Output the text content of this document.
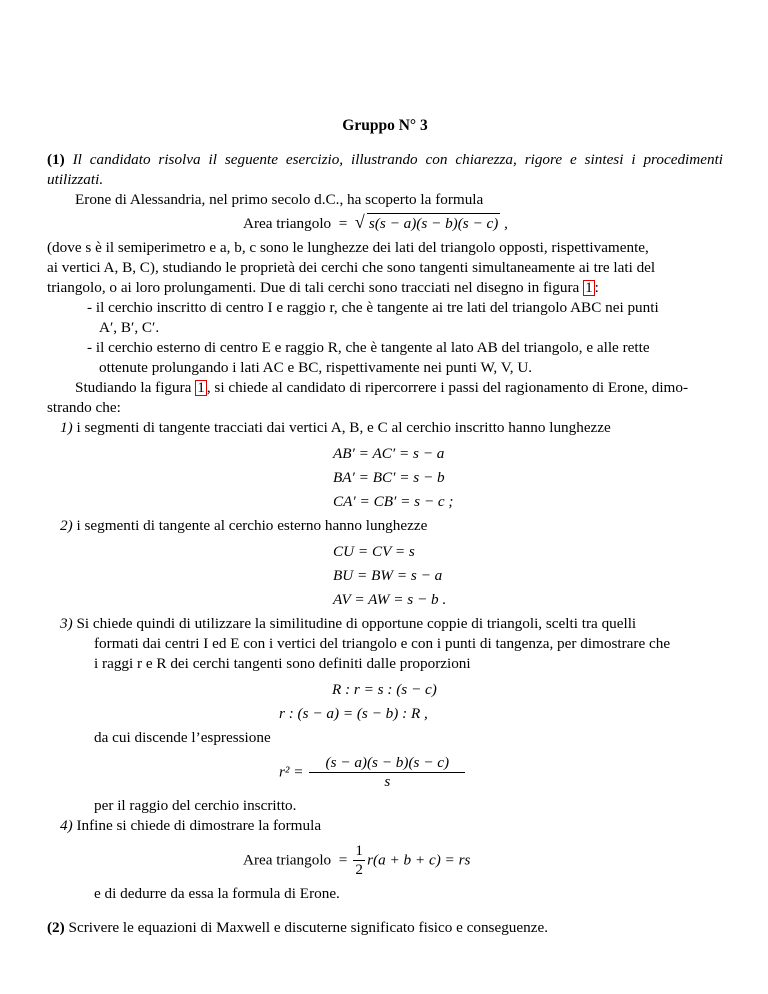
Gruppo N° 3
(1) Il candidato risolva il seguente esercizio, illustrando con chiarezza, rigore e sintesi i procedimenti utilizzati.
Erone di Alessandria, nel primo secolo d.C., ha scoperto la formula
Area triangolo  = √ s(s − a)(s − b)(s − c) ,
(dove s è il semiperimetro e a, b, c sono le lunghezze dei lati del triangolo opposti, rispettivamente,
ai vertici A, B, C), studiando le proprietà dei cerchi che sono tangenti simultaneamente ai tre lati del
triangolo, o ai loro prolungamenti. Due di tali cerchi sono tracciati nel disegno in figura 1 :
- il cerchio inscritto di centro I e raggio r, che è tangente ai tre lati del triangolo ABC nei punti
A′, B′, C′.
- il cerchio esterno di centro E e raggio R, che è tangente al lato AB del triangolo, e alle rette
ottenute prolungando i lati AC e BC, rispettivamente nei punti W, V, U.
Studiando la figura 1 , si chiede al candidato di ripercorrere i passi del ragionamento di Erone, dimo-
strando che:
1) i segmenti di tangente tracciati dai vertici A, B, e C al cerchio inscritto hanno lunghezze
AB′ = AC′ = s − a
BA′ = BC′ = s − b
CA′ = CB′ = s − c ;
2) i segmenti di tangente al cerchio esterno hanno lunghezze
CU = CV = s
BU = BW = s − a
AV = AW = s − b .
3) Si chiede quindi di utilizzare la similitudine di opportune coppie di triangoli, scelti tra quelli
formati dai centri I ed E con i vertici del triangolo e con i punti di tangenza, per dimostrare che
i raggi r e R dei cerchi tangenti sono definiti dalle proporzioni
R : r = s : (s − c)
r : (s − a) = (s − b) : R ,
da cui discende l’espressione
$r^2 = \frac{(s - a)(s - b)(s - c)}{s}$
per il raggio del cerchio inscritto.
4) Infine si chiede di dimostrare la formula
Area triangolo = $\frac{1}{2} r(a + b + c)$ = rs
e di dedurre da essa la formula di Erone.
(2) Scrivere le equazioni di Maxwell e discuterne significato fisico e conseguenze.
